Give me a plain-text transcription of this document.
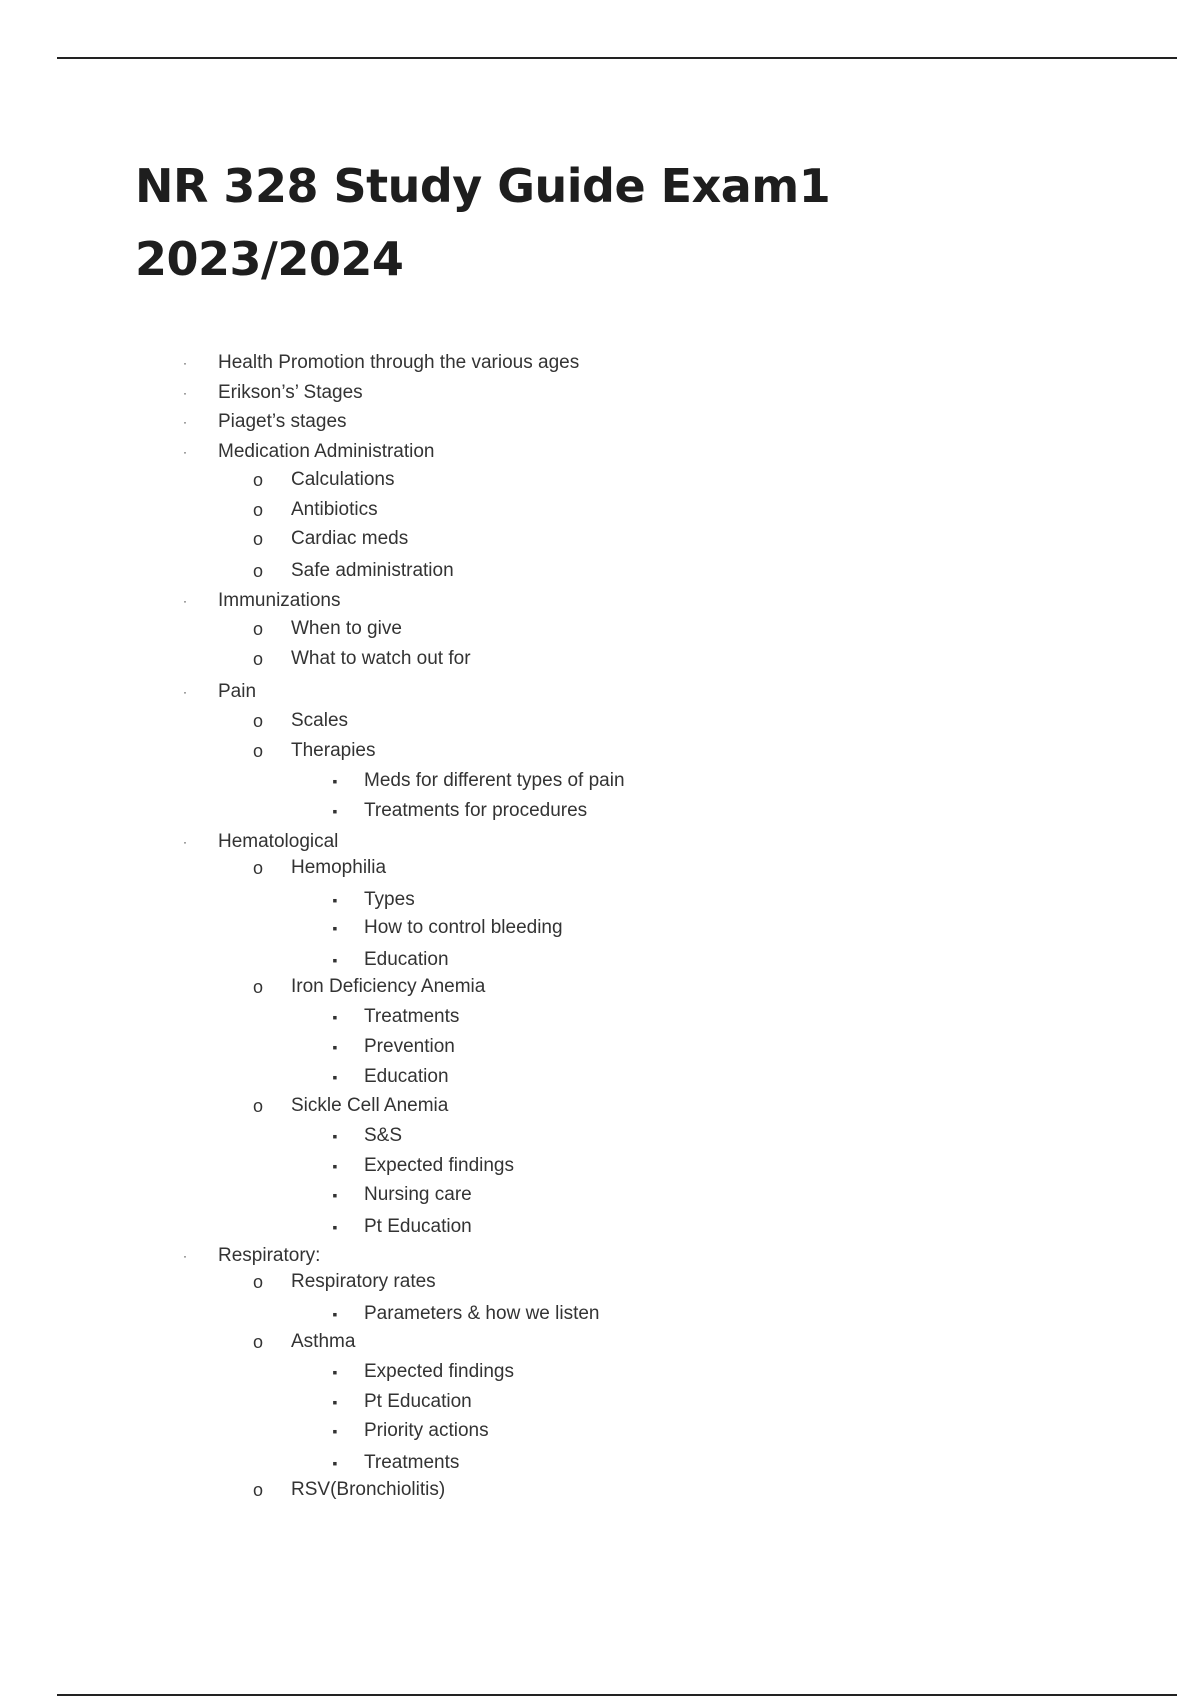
NR 328 Study Guide Exam1
2023/2024
· Health Promotion through the various ages
· Erikson’s’ Stages
· Piaget’s stages
· Medication Administration
o Calculations
o Antibiotics
o Cardiac meds
o Safe administration
· Immunizations
o When to give
o What to watch out for
· Pain
o Scales
o Therapies
▪ Meds for different types of pain
▪ Treatments for procedures
· Hematological
o Hemophilia
▪ Types
▪ How to control bleeding
▪ Education
o Iron Deficiency Anemia
▪ Treatments
▪ Prevention
▪ Education
o Sickle Cell Anemia
▪ S&S
▪ Expected findings
▪ Nursing care
▪ Pt Education
· Respiratory:
o Respiratory rates
▪ Parameters & how we listen
o Asthma
▪ Expected findings
▪ Pt Education
▪ Priority actions
▪ Treatments
o RSV(Bronchiolitis)
